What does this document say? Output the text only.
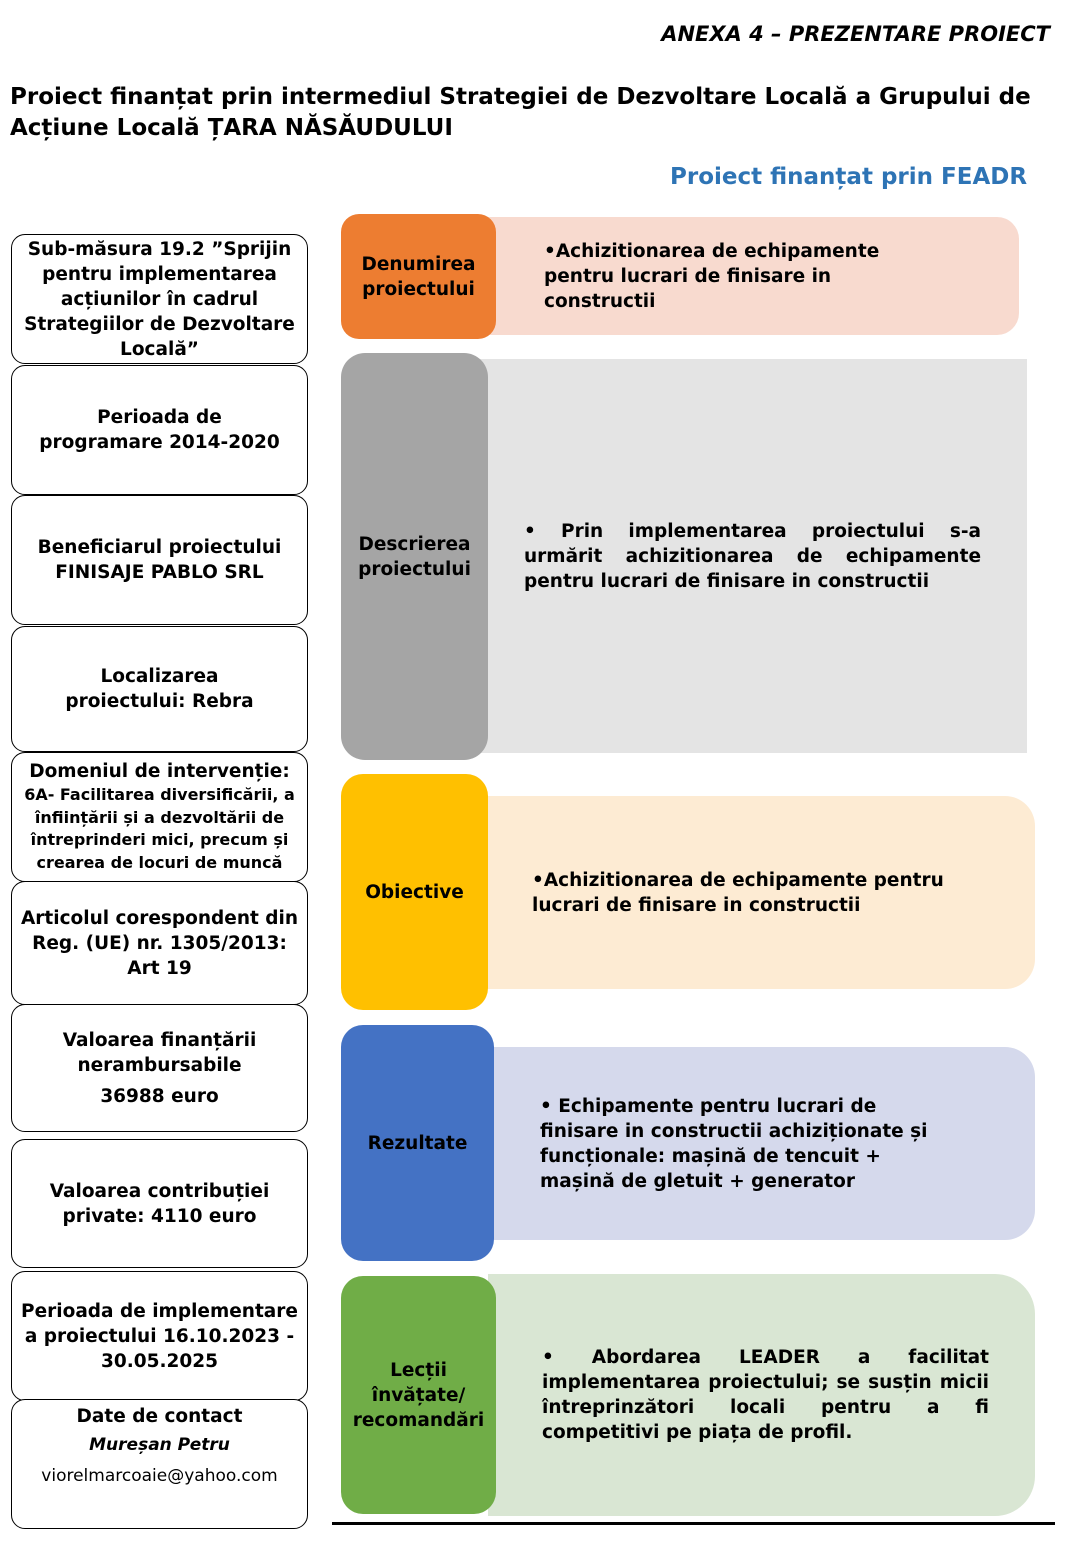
ANEXA 4 – PREZENTARE PROIECT
Proiect finanțat prin intermediul Strategiei de Dezvoltare Locală a Grupului de Acțiune Locală ȚARA NĂSĂUDULUI
Proiect finanțat prin FEADR
Sub-măsura 19.2 ”Sprijin pentru implementarea acțiunilor în cadrul Strategiilor de Dezvoltare Locală”
Perioada de programare 2014-2020
Beneficiarul proiectului FINISAJE PABLO SRL
Localizarea proiectului: Rebra
Domeniul de intervenție:
6A- Facilitarea diversificării, a înființării și a dezvoltării de întreprinderi mici, precum și crearea de locuri de muncă
Articolul corespondent din Reg. (UE) nr. 1305/2013: Art 19
Valoarea finanțării nerambursabile
36988 euro
Valoarea contribuției private: 4110 euro
Perioada de implementare a proiectului 16.10.2023 - 30.05.2025
Date de contact
Mureșan Petru
viorelmarcoaie@yahoo.com
•Achizitionarea de echipamente pentru lucrari de finisare in constructii
• Prin implementarea proiectului s-a urmărit achizitionarea de echipamente pentru lucrari de finisare in constructii
•Achizitionarea de echipamente pentru lucrari de finisare in constructii
• Echipamente pentru lucrari de finisare in constructii achiziționate și funcționale: mașină de tencuit + mașină de gletuit + generator
• Abordarea LEADER a facilitat implementarea proiectului; se susțin micii întreprinzători locali pentru a fi competitivi pe piața de profil.
Denumirea proiectului
Descrierea proiectului
Obiective
Rezultate
Lecții învățate/ recomandări
